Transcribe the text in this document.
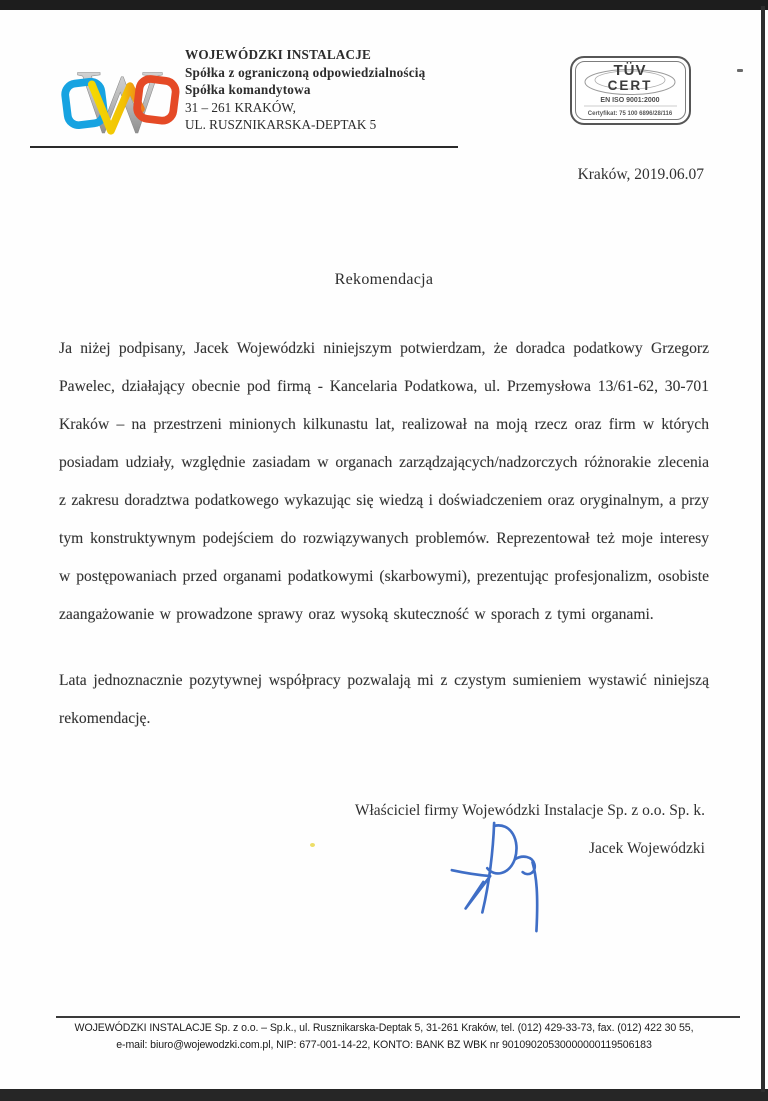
W WOJEWÓDZKI INSTALACJE
Spółka z ograniczoną odpowiedzialnością
Spółka komandytowa
31 – 261 KRAKÓW,
UL. RUSZNIKARSKA-DEPTAK 5
TÜV
CERT
EN ISO 9001:2000
Certyfikat: 75 100 6896/28/116
Kraków, 2019.06.07
Rekomendacja

Ja niżej podpisany, Jacek Wojewódzki niniejszym potwierdzam, że doradca podatkowy Grzegorz Pawelec, działający obecnie pod firmą - Kancelaria Podatkowa, ul. Przemysłowa 13/61-62, 30-701 Kraków – na przestrzeni minionych kilkunastu lat, realizował na moją rzecz oraz firm w których posiadam udziały, względnie zasiadam w organach zarządzających/nadzorczych różnorakie zlecenia z zakresu doradztwa podatkowego wykazując się wiedzą i doświadczeniem oraz oryginalnym, a przy tym konstruktywnym podejściem do rozwiązywanych problemów. Reprezentował też moje interesy w postępowaniach przed organami podatkowymi (skarbowymi), prezentując profesjonalizm, osobiste zaangażowanie w prowadzone sprawy oraz wysoką skuteczność w sporach z tymi organami.

Lata jednoznacznie pozytywnej współpracy pozwalają mi z czystym sumieniem wystawić niniejszą rekomendację.

Właściciel firmy Wojewódzki Instalacje Sp. z o.o. Sp. k.
Jacek Wojewódzki
WOJEWÓDZKI INSTALACJE Sp. z o.o. – Sp.k., ul. Rusznikarska-Deptak 5, 31-261 Kraków, tel. (012) 429-33-73, fax. (012) 422 30 55,
e-mail: biuro@wojewodzki.com.pl, NIP: 677-001-14-22, KONTO: BANK BZ WBK nr 90109020530000000119506183
